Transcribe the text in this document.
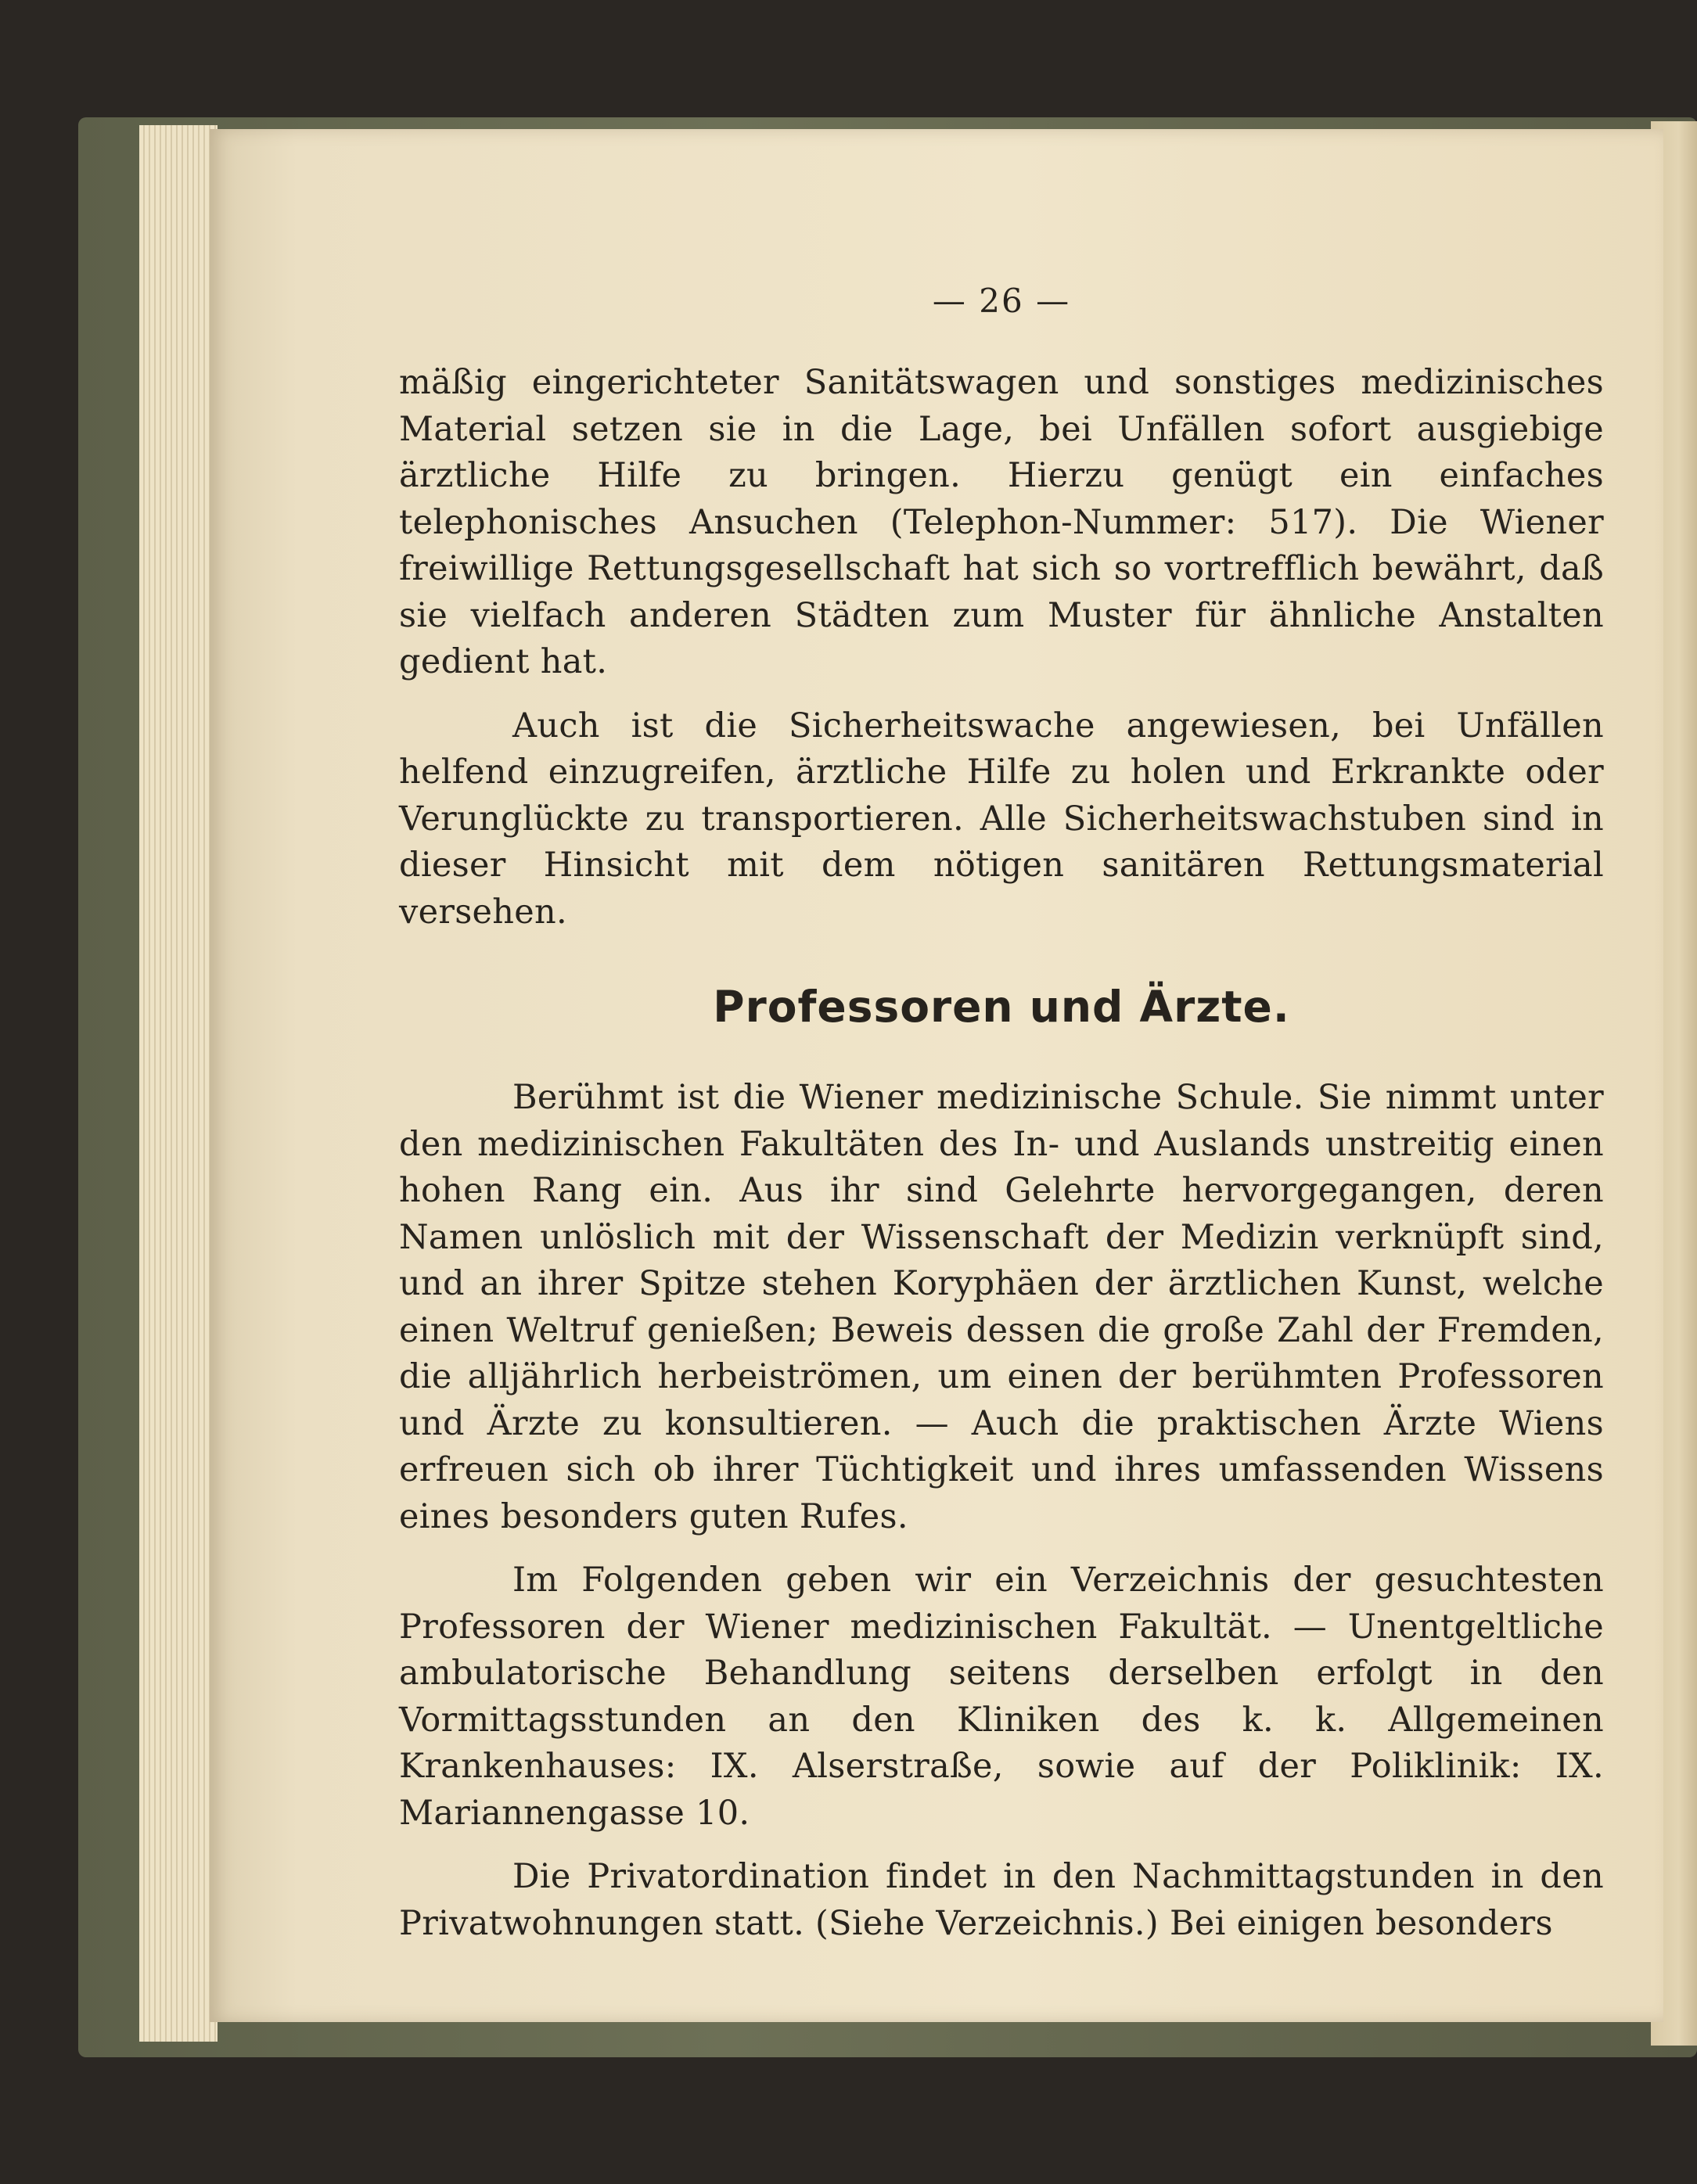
— 26 —

mäßig eingerichteter Sanitätswagen und sonstiges medizinisches Material setzen sie in die Lage, bei Unfällen sofort ausgiebige ärztliche Hilfe zu bringen. Hierzu genügt ein einfaches telephonisches Ansuchen (Telephon-Nummer: 517). Die Wiener freiwillige Rettungsgesellschaft hat sich so vortrefflich bewährt, daß sie vielfach anderen Städten zum Muster für ähnliche Anstalten gedient hat.

Auch ist die Sicherheitswache angewiesen, bei Unfällen helfend einzugreifen, ärztliche Hilfe zu holen und Erkrankte oder Verunglückte zu transportieren. Alle Sicherheitswachstuben sind in dieser Hinsicht mit dem nötigen sanitären Rettungsmaterial versehen.

Professoren und Ärzte.

Berühmt ist die Wiener medizinische Schule. Sie nimmt unter den medizinischen Fakultäten des In- und Auslands unstreitig einen hohen Rang ein. Aus ihr sind Gelehrte hervorgegangen, deren Namen unlöslich mit der Wissenschaft der Medizin verknüpft sind, und an ihrer Spitze stehen Koryphäen der ärztlichen Kunst, welche einen Weltruf genießen; Beweis dessen die große Zahl der Fremden, die alljährlich herbeiströmen, um einen der berühmten Professoren und Ärzte zu konsultieren. — Auch die praktischen Ärzte Wiens erfreuen sich ob ihrer Tüchtigkeit und ihres umfassenden Wissens eines besonders guten Rufes.

Im Folgenden geben wir ein Verzeichnis der gesuchtesten Professoren der Wiener medizinischen Fakultät. — Unentgeltliche ambulatorische Behandlung seitens derselben erfolgt in den Vormittagsstunden an den Kliniken des k. k. Allgemeinen Krankenhauses: IX. Alserstraße, sowie auf der Poliklinik: IX. Mariannengasse 10.

Die Privatordination findet in den Nachmittagstunden in den Privatwohnungen statt. (Siehe Verzeichnis.) Bei einigen besonders
